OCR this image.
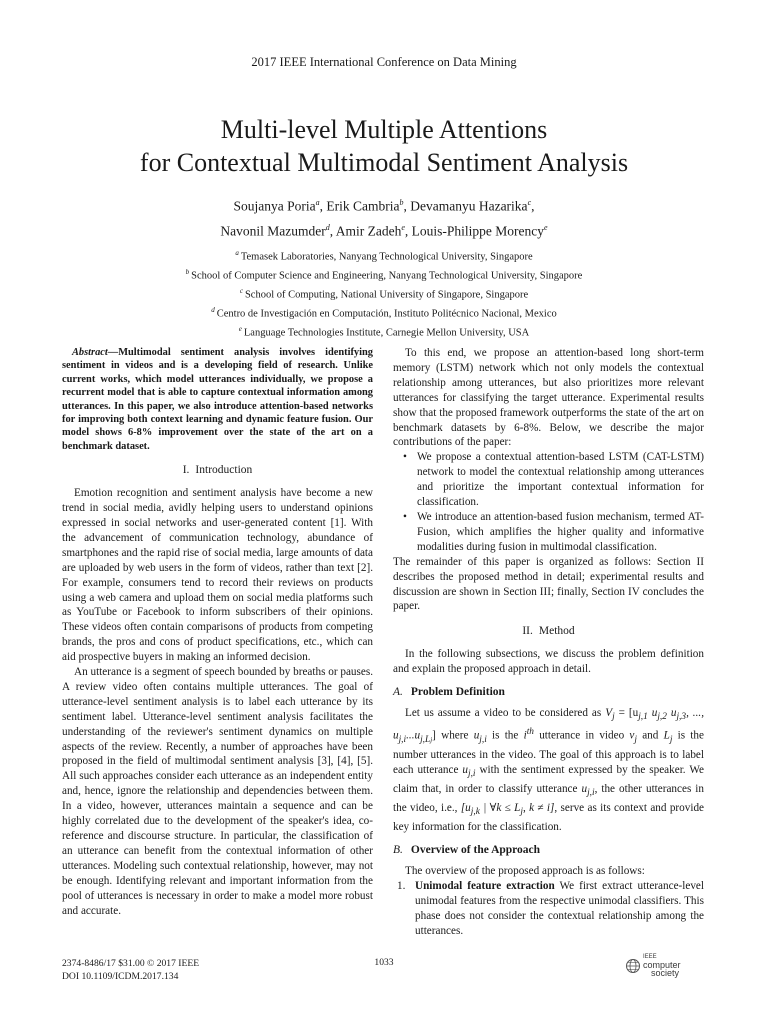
2017 IEEE International Conference on Data Mining
Multi-level Multiple Attentions
for Contextual Multimodal Sentiment Analysis
Soujanya Poria$^a$, Erik Cambria$^b$, Devamanyu Hazarika$^c$,
Navonil Mazumder$^d$, Amir Zadeh$^e$, Louis-Philippe Morency$^e$
$^a$ Temasek Laboratories, Nanyang Technological University, Singapore
$^b$ School of Computer Science and Engineering, Nanyang Technological University, Singapore
$^c$ School of Computing, National University of Singapore, Singapore
$^d$ Centro de Investigación en Computación, Instituto Politécnico Nacional, Mexico
$^e$ Language Technologies Institute, Carnegie Mellon University, USA

Abstract—Multimodal sentiment analysis involves identifying sentiment in videos and is a developing field of research. Unlike current works, which model utterances individually, we propose a recurrent model that is able to capture contextual information among utterances. In this paper, we also introduce attention-based networks for improving both context learning and dynamic feature fusion. Our model shows 6-8% improvement over the state of the art on a benchmark dataset.

I. Introduction

Emotion recognition and sentiment analysis have become a new trend in social media, avidly helping users to understand opinions expressed in social networks and user-generated content [1]. With the advancement of communication technology, abundance of smartphones and the rapid rise of social media, large amounts of data are uploaded by web users in the form of videos, rather than text [2]. For example, consumers tend to record their reviews on products using a web camera and upload them on social media platforms such as YouTube or Facebook to inform subscribers of their opinions. These videos often contain comparisons of products from competing brands, the pros and cons of product specifications, etc., which can aid prospective buyers in making an informed decision.

An utterance is a segment of speech bounded by breaths or pauses. A review video often contains multiple utterances. The goal of utterance-level sentiment analysis is to label each utterance by its sentiment label. Utterance-level sentiment analysis facilitates the understanding of the reviewer's sentiment dynamics on multiple aspects of the review. Recently, a number of approaches have been proposed in the field of multimodal sentiment analysis [3], [4], [5]. All such approaches consider each utterance as an independent entity and, hence, ignore the relationship and dependencies between them. In a video, however, utterances maintain a sequence and can be highly correlated due to the development of the speaker's idea, co-reference and discourse structure. In particular, the classification of an utterance can benefit from the contextual information of other utterances. Modeling such contextual relationship, however, may not be enough. Identifying relevant and important information from the pool of utterances is necessary in order to make a model more robust and accurate.

To this end, we propose an attention-based long short-term memory (LSTM) network which not only models the contextual relationship among utterances, but also prioritizes more relevant utterances for classifying the target utterance. Experimental results show that the proposed framework outperforms the state of the art on benchmark datasets by 6-8%. Below, we describe the major contributions of the paper:

• We propose a contextual attention-based LSTM (CAT-LSTM) network to model the contextual relationship among utterances and prioritize the important contextual information for classification.
• We introduce an attention-based fusion mechanism, termed AT-Fusion, which amplifies the higher quality and informative modalities during fusion in multimodal classification.

The remainder of this paper is organized as follows: Section II describes the proposed method in detail; experimental results and discussion are shown in Section III; finally, Section IV concludes the paper.

II. Method

In the following subsections, we discuss the problem definition and explain the proposed approach in detail.

A. Problem Definition

Let us assume a video to be considered as $V_j = [u_{j,1}$ $u_{j,2}$ $u_{j,3}$, ..., $u_{j,i}...u_{j,Lj}$] where $u_{j,i}$ is the $i^{th}$ utterance in video $v_j$ and $L_j$ is the number utterances in the video. The goal of this approach is to label each utterance $u_{j,i}$ with the sentiment expressed by the speaker. We claim that, in order to classify utterance $u_{j,i}$, the other utterances in the video, i.e., [$u_{j,k}$ | ∀k ≤ $L_j$, k ≠ i], serve as its context and provide key information for the classification.

B. Overview of the Approach

The overview of the proposed approach is as follows:

1. Unimodal feature extraction We first extract utterance-level unimodal features from the respective unimodal classifiers. This phase does not consider the contextual relationship among the utterances.
2374-8486/17 $31.00 © 2017 IEEE
DOI 10.1109/ICDM.2017.134
1033	IEEE
computer
society
